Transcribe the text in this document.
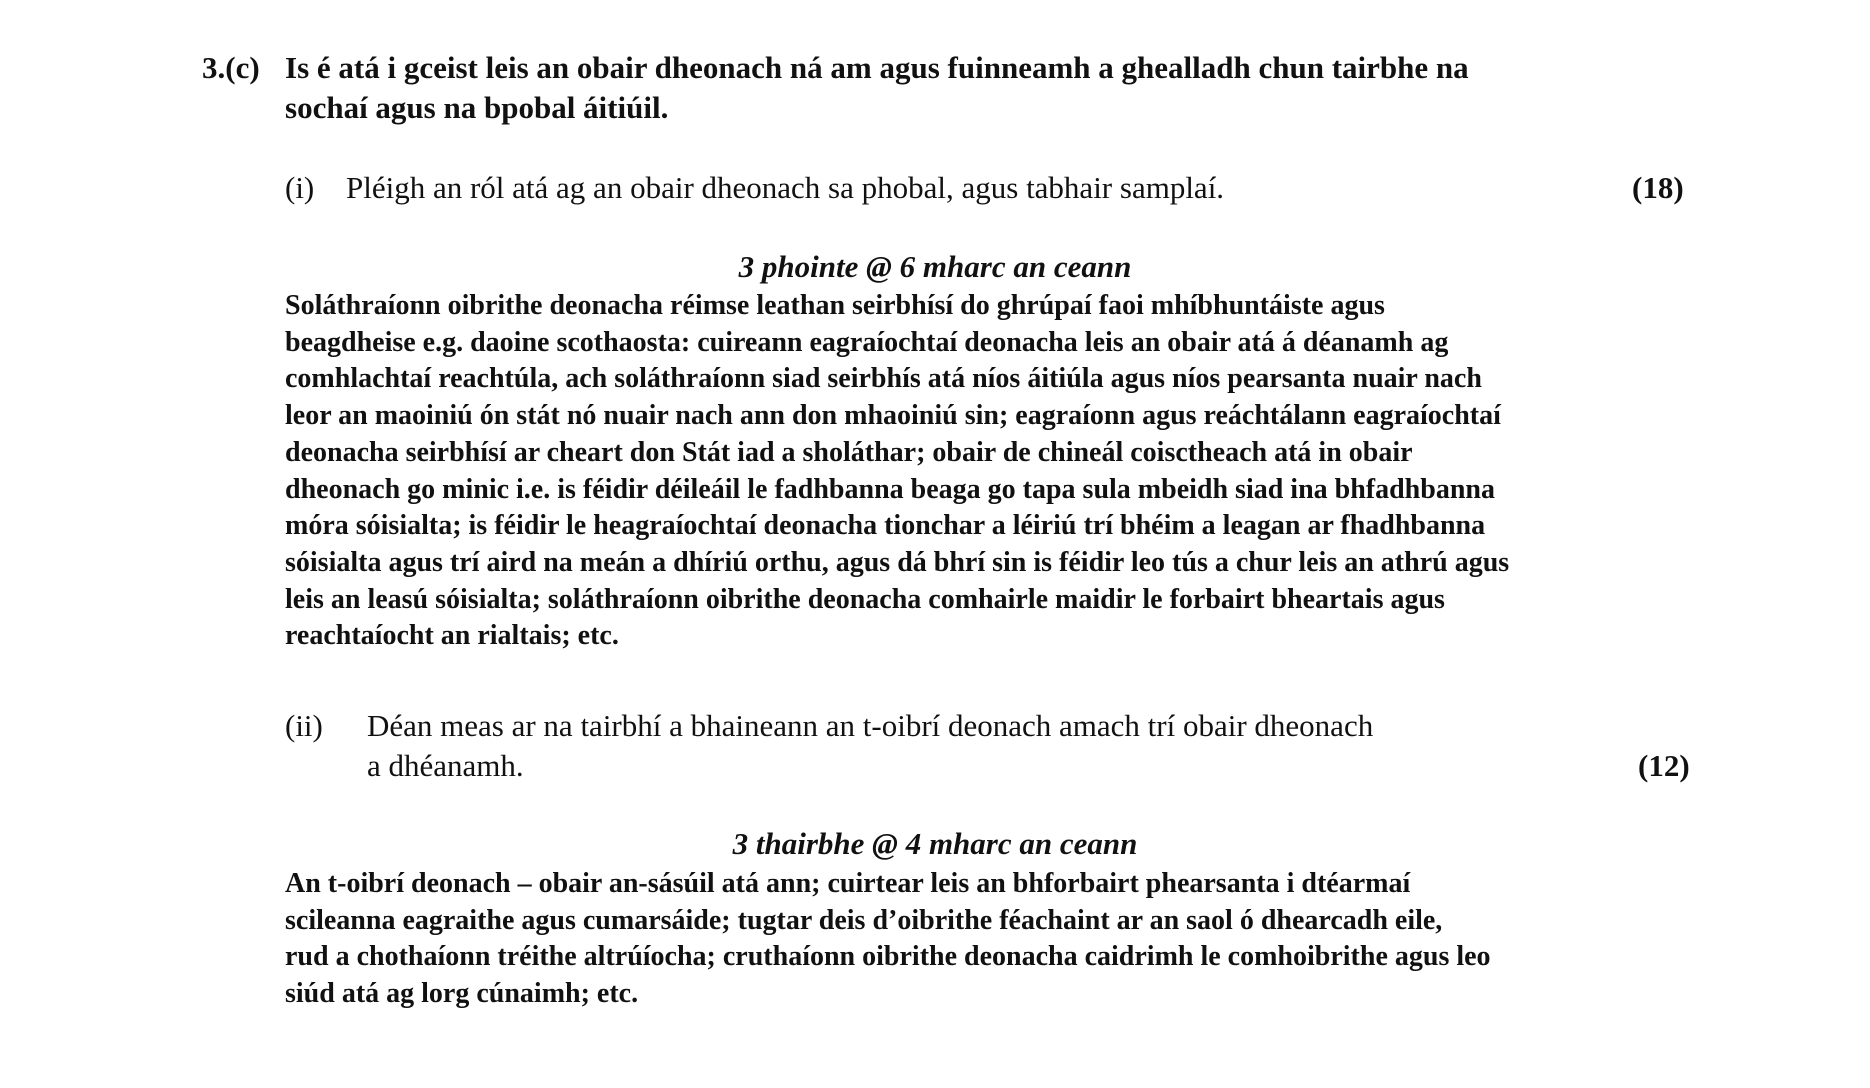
3.(c) Is é atá i gceist leis an obair dheonach ná am agus fuinneamh a ghealladh chun tairbhe na
sochaí agus na bpobal áitiúil.
(i) Pléigh an ról atá ag an obair dheonach sa phobal, agus tabhair samplaí.	(18)
3 phointe @ 6 mharc an ceann
Soláthraíonn oibrithe deonacha réimse leathan seirbhísí do ghrúpaí faoi mhíbhuntáiste agus
beagdheise e.g. daoine scothaosta: cuireann eagraíochtaí deonacha leis an obair atá á déanamh ag
comhlachtaí reachtúla, ach soláthraíonn siad seirbhís atá níos áitiúla agus níos pearsanta nuair nach
leor an maoiniú ón stát nó nuair nach ann don mhaoiniú sin; eagraíonn agus reáchtálann eagraíochtaí
deonacha seirbhísí ar cheart don Stát iad a sholáthar; obair de chineál coisctheach atá in obair
dheonach go minic i.e. is féidir déileáil le fadhbanna beaga go tapa sula mbeidh siad ina bhfadhbanna
móra sóisialta; is féidir le heagraíochtaí deonacha tionchar a léiriú trí bhéim a leagan ar fhadhbanna
sóisialta agus trí aird na meán a dhíriú orthu, agus dá bhrí sin is féidir leo tús a chur leis an athrú agus
leis an leasú sóisialta; soláthraíonn oibrithe deonacha comhairle maidir le forbairt bheartais agus
reachtaíocht an rialtais; etc.
(ii) Déan meas ar na tairbhí a bhaineann an t-oibrí deonach amach trí obair dheonach
a dhéanamh.	(12)
3 thairbhe @ 4 mharc an ceann
An t-oibrí deonach – obair an-sásúil atá ann; cuirtear leis an bhforbairt phearsanta i dtéarmaí
scileanna eagraithe agus cumarsáide; tugtar deis d’oibrithe féachaint ar an saol ó dhearcadh eile,
rud a chothaíonn tréithe altrúíocha; cruthaíonn oibrithe deonacha caidrimh le comhoibrithe agus leo
siúd atá ag lorg cúnaimh; etc.
